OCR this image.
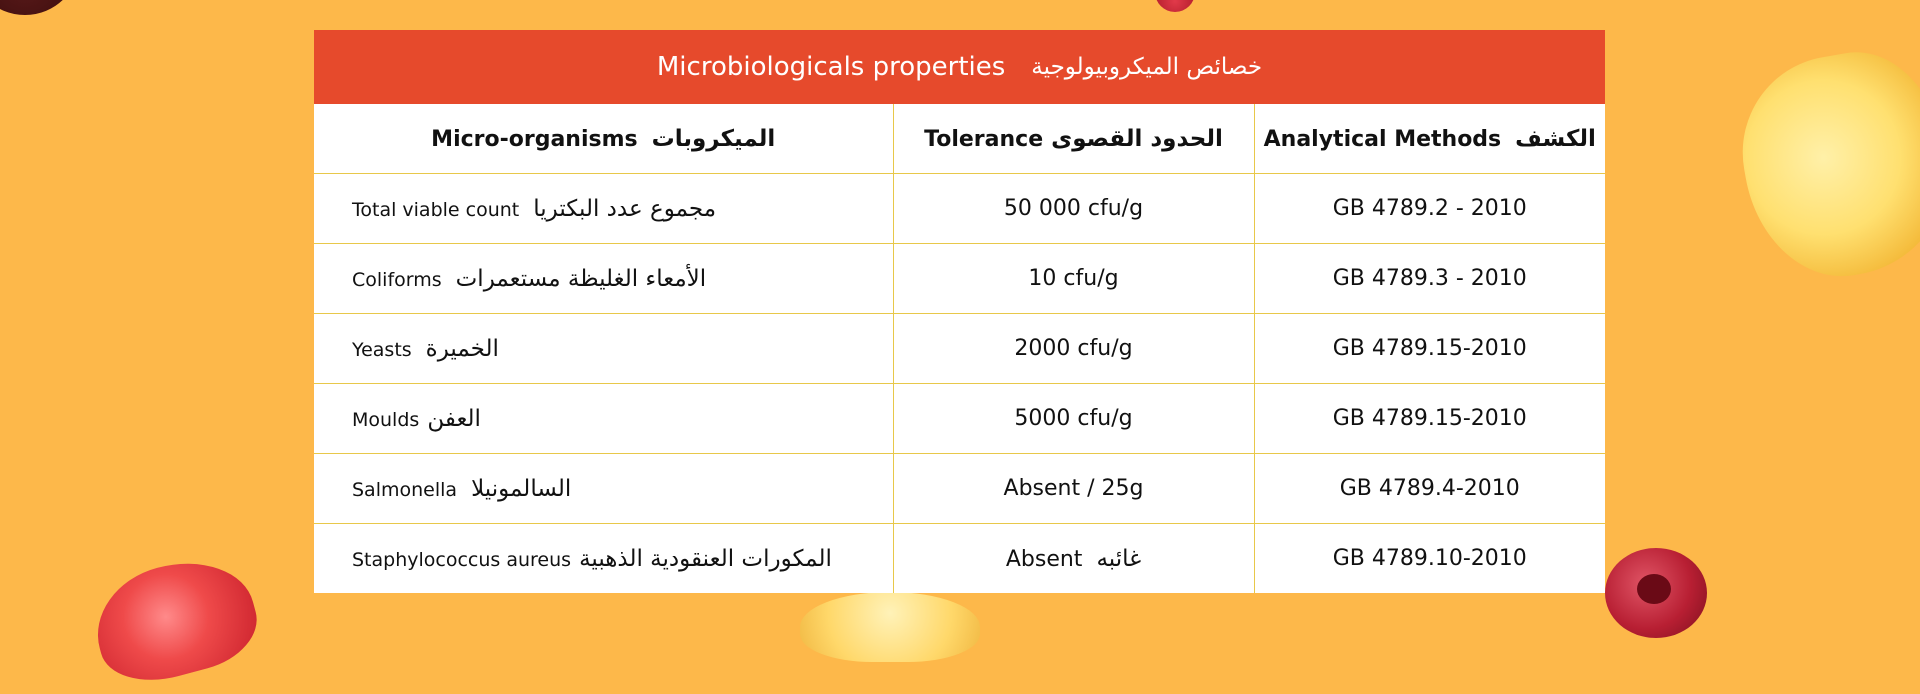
Microbiologicals properties خصائص الميكروبيولوجية
Micro-organisms الميكروبات	Tolerance الحدود القصوى	Analytical Methods الكشف
Total viable count مجموع عدد البكتريا	50 000 cfu/g	GB 4789.2 - 2010
Coliforms الأمعاء الغليظة مستعمرات	10 cfu/g	GB 4789.3 - 2010
Yeasts الخميرة	2000 cfu/g	GB 4789.15-2010
Moulds العفن	5000 cfu/g	GB 4789.15-2010
Salmonella السالمونيلا	Absent / 25g	GB 4789.4-2010
Staphylococcus aureus المكورات العنقودية الذهبية	Absent غائبه	GB 4789.10-2010
